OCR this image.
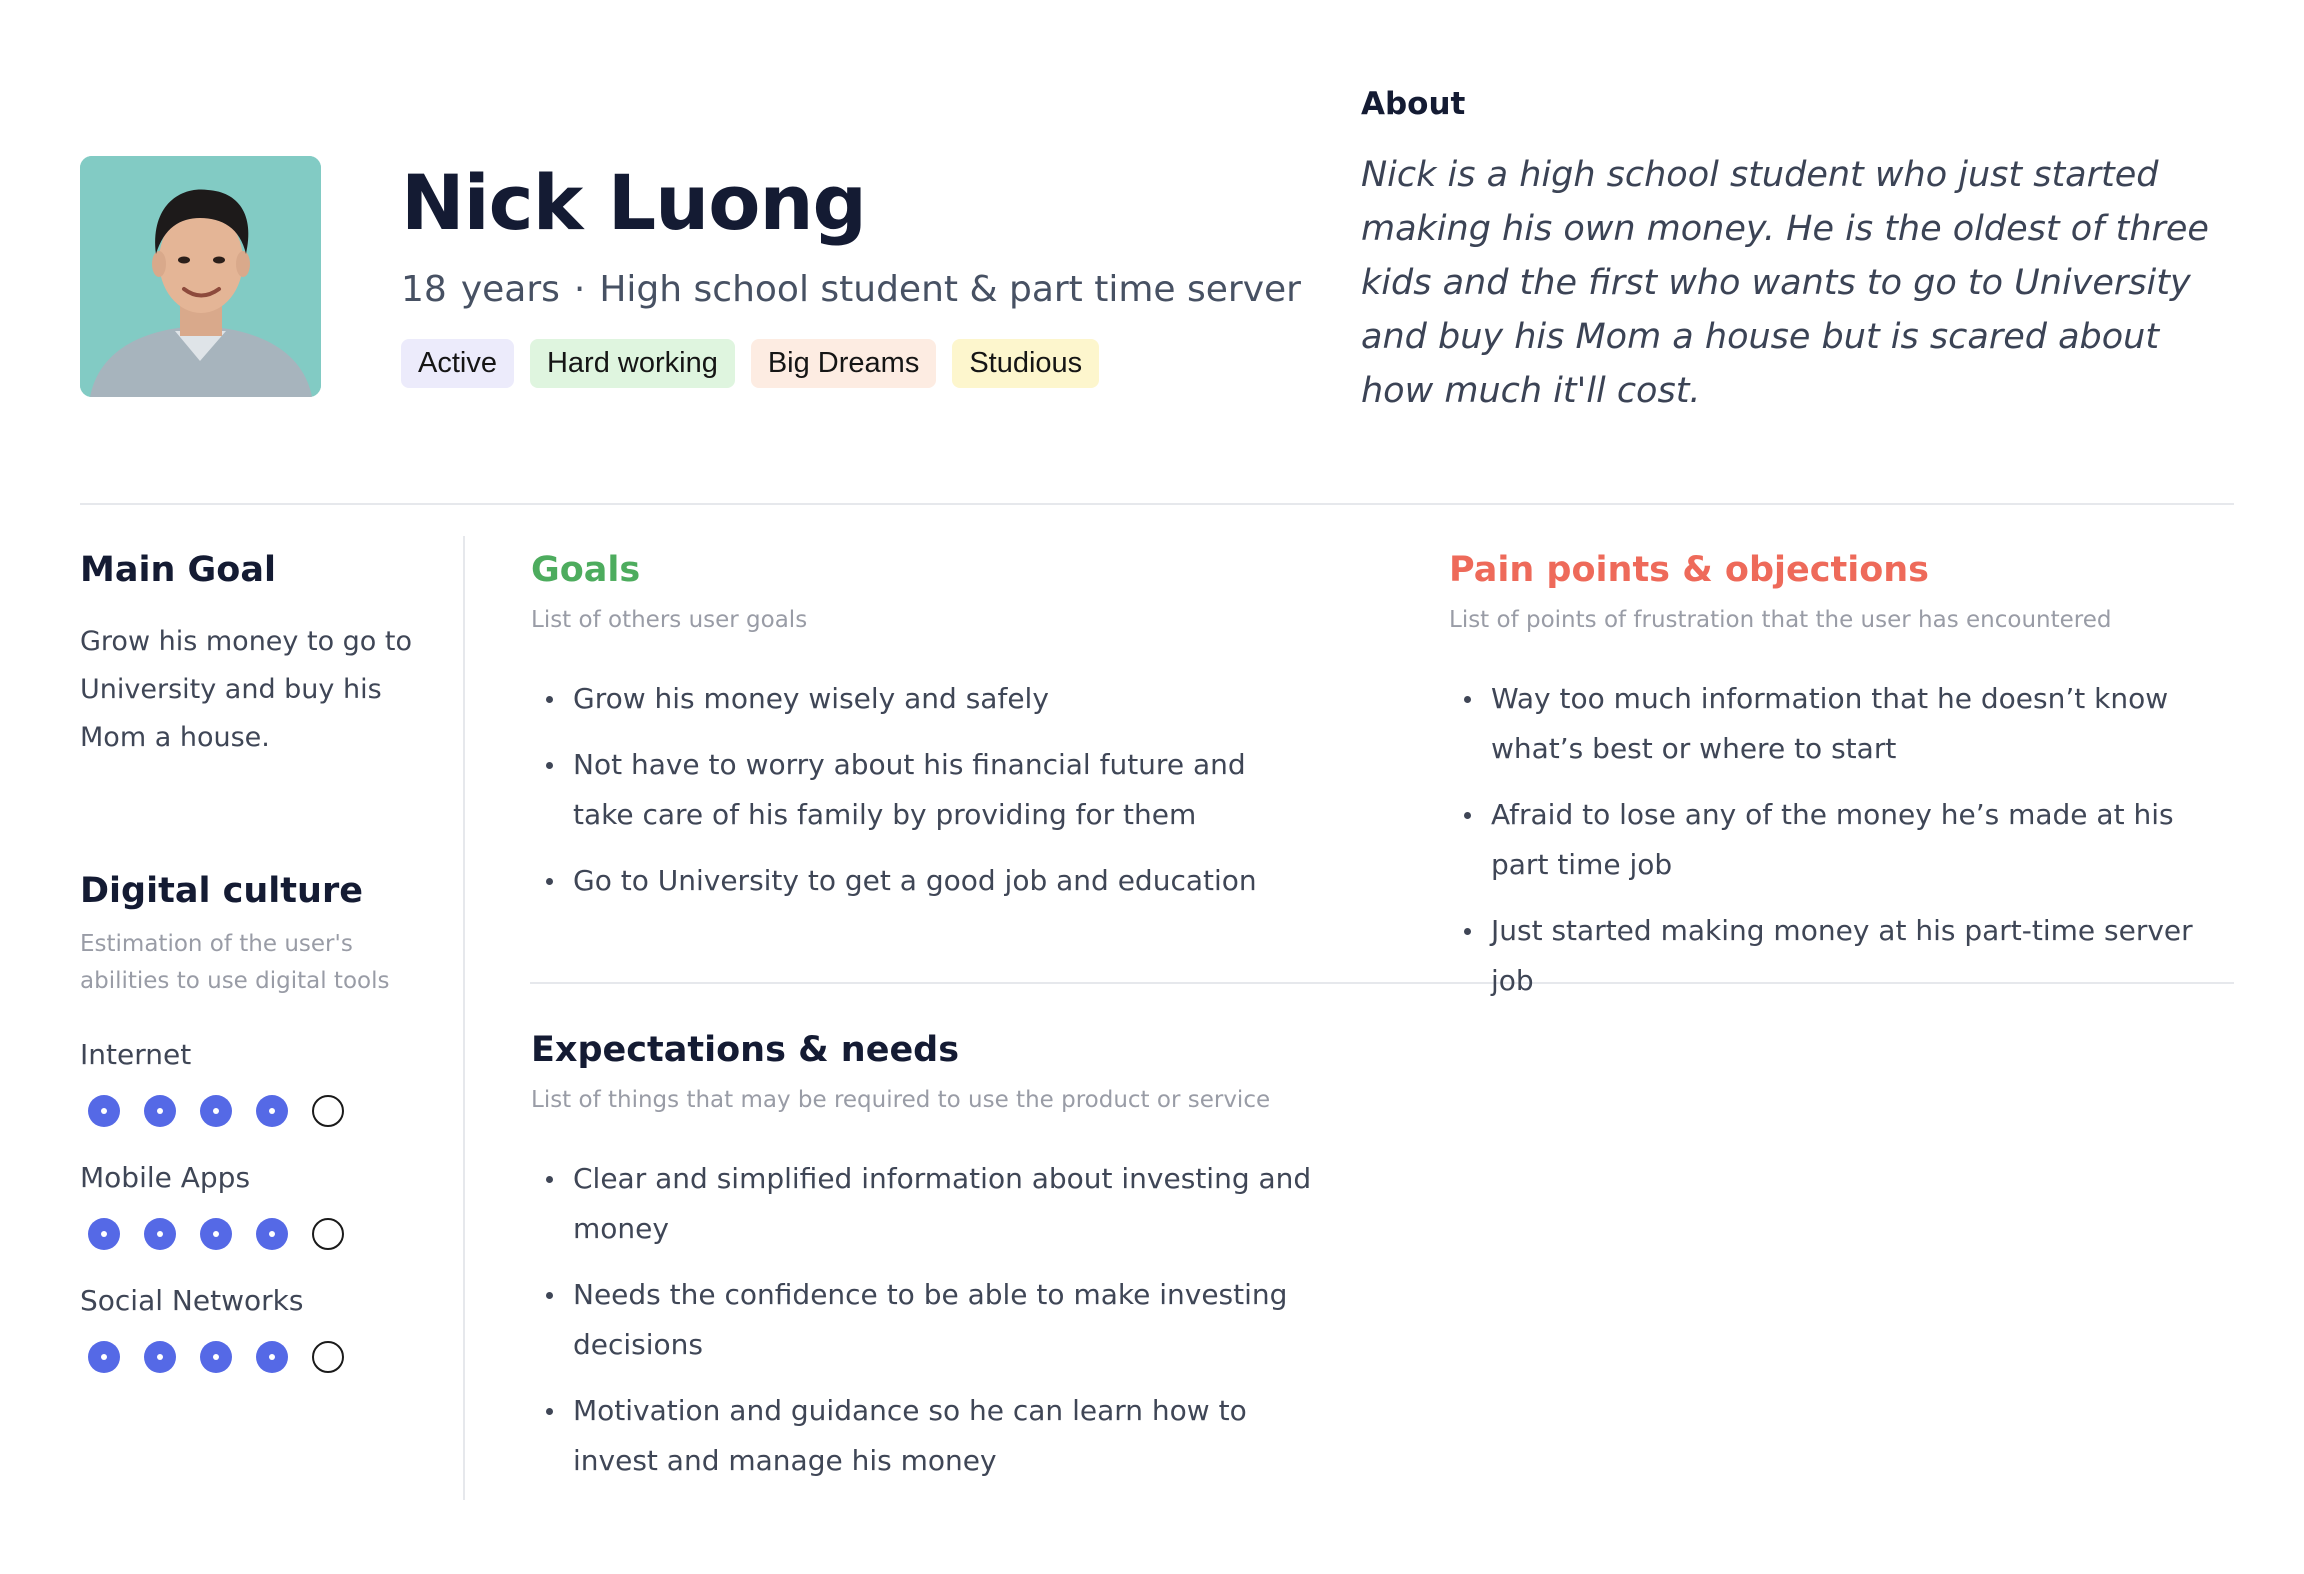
Nick Luong
18 years · High school student & part time server
Active	Hard working	Big Dreams	Studious
About
Nick is a high school student who just started making his own money. He is the oldest of three kids and the first who wants to go to University and buy his Mom a house but is scared about how much it'll cost.
Main Goal
Grow his money to go to University and buy his Mom a house.
Digital culture
Estimation of the user's abilities to use digital tools
Internet
Mobile Apps
Social Networks
Goals
List of others user goals
Grow his money wisely and safely
Not have to worry about his financial future and take care of his family by providing for them
Go to University to get a good job and education
Pain points & objections
List of points of frustration that the user has encountered
Way too much information that he doesn’t know what’s best or where to start
Afraid to lose any of the money he’s made at his part time job
Just started making money at his part-time server job
Expectations & needs
List of things that may be required to use the product or service
Clear and simplified information about investing and money
Needs the confidence to be able to make investing decisions
Motivation and guidance so he can learn how to invest and manage his money
